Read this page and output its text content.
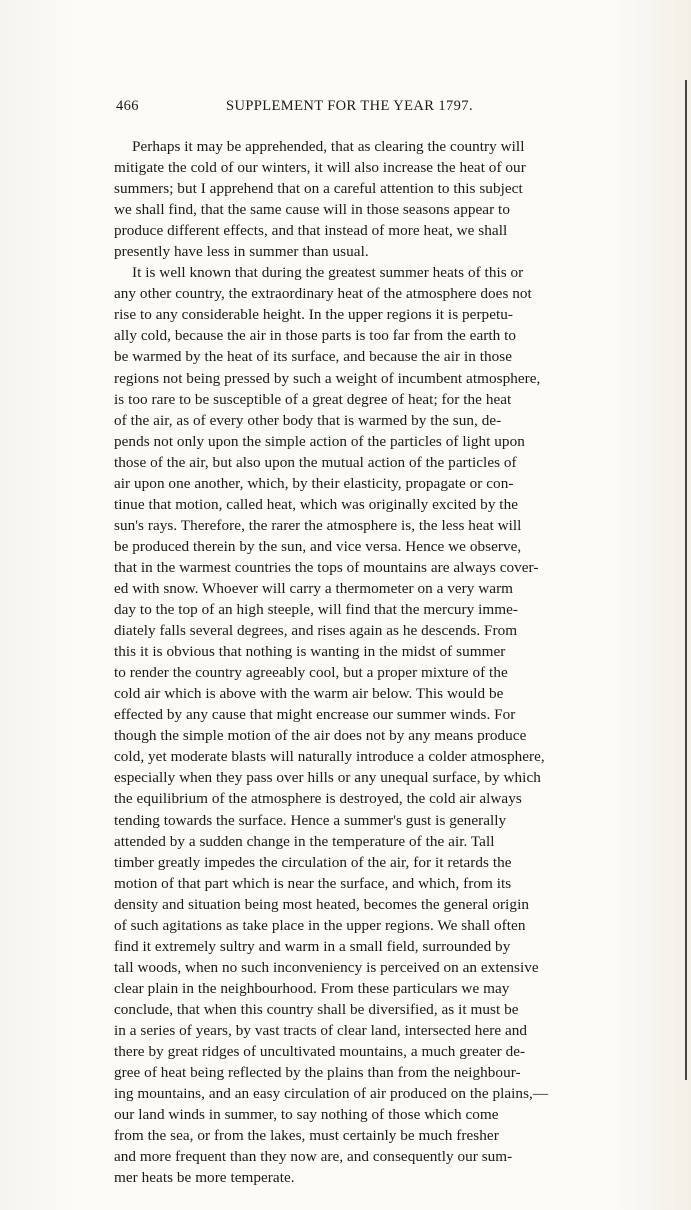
466	SUPPLEMENT FOR THE YEAR 1797.
Perhaps it may be apprehended, that as clearing the country will
mitigate the cold of our winters, it will also increase the heat of our
summers; but I apprehend that on a careful attention to this subject
we shall find, that the same cause will in those seasons appear to
produce different effects, and that instead of more heat, we shall
presently have less in summer than usual.
It is well known that during the greatest summer heats of this or
any other country, the extraordinary heat of the atmosphere does not
rise to any considerable height. In the upper regions it is perpetu-
ally cold, because the air in those parts is too far from the earth to
be warmed by the heat of its surface, and because the air in those
regions not being pressed by such a weight of incumbent atmosphere,
is too rare to be susceptible of a great degree of heat; for the heat
of the air, as of every other body that is warmed by the sun, de-
pends not only upon the simple action of the particles of light upon
those of the air, but also upon the mutual action of the particles of
air upon one another, which, by their elasticity, propagate or con-
tinue that motion, called heat, which was originally excited by the
sun's rays. Therefore, the rarer the atmosphere is, the less heat will
be produced therein by the sun, and vice versa. Hence we observe,
that in the warmest countries the tops of mountains are always cover-
ed with snow. Whoever will carry a thermometer on a very warm
day to the top of an high steeple, will find that the mercury imme-
diately falls several degrees, and rises again as he descends. From
this it is obvious that nothing is wanting in the midst of summer
to render the country agreeably cool, but a proper mixture of the
cold air which is above with the warm air below. This would be
effected by any cause that might encrease our summer winds. For
though the simple motion of the air does not by any means produce
cold, yet moderate blasts will naturally introduce a colder atmosphere,
especially when they pass over hills or any unequal surface, by which
the equilibrium of the atmosphere is destroyed, the cold air always
tending towards the surface. Hence a summer's gust is generally
attended by a sudden change in the temperature of the air. Tall
timber greatly impedes the circulation of the air, for it retards the
motion of that part which is near the surface, and which, from its
density and situation being most heated, becomes the general origin
of such agitations as take place in the upper regions. We shall often
find it extremely sultry and warm in a small field, surrounded by
tall woods, when no such inconveniency is perceived on an extensive
clear plain in the neighbourhood. From these particulars we may
conclude, that when this country shall be diversified, as it must be
in a series of years, by vast tracts of clear land, intersected here and
there by great ridges of uncultivated mountains, a much greater de-
gree of heat being reflected by the plains than from the neighbour-
ing mountains, and an easy circulation of air produced on the plains,—
our land winds in summer, to say nothing of those which come
from the sea, or from the lakes, must certainly be much fresher
and more frequent than they now are, and consequently our sum-
mer heats be more temperate.
